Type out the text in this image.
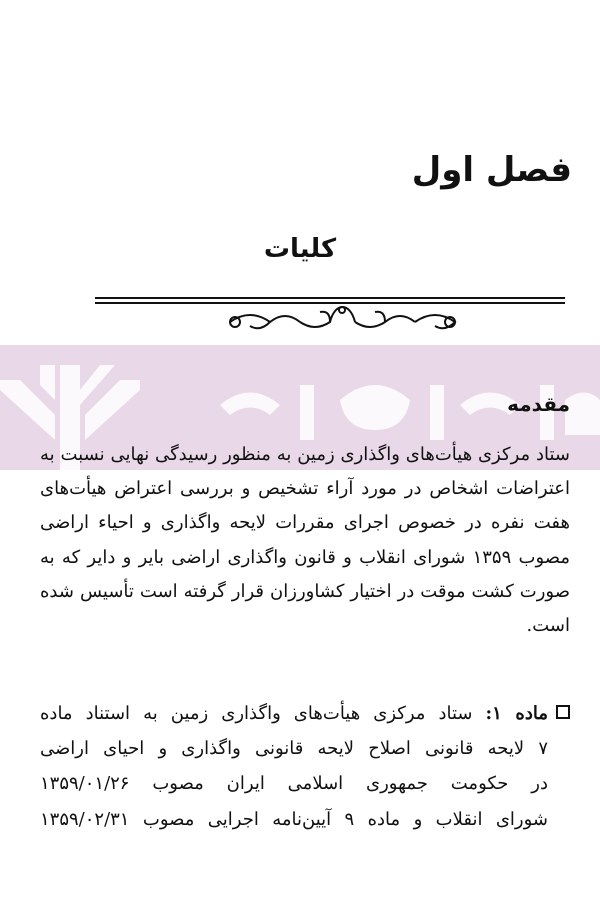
فصل اول
کلیات
مقدمه

ستاد مرکزی هیأت‌های واگذاری زمین به منظور رسیدگی نهایی نسبت به اعتراضات اشخاص در مورد آراء تشخیص و بررسی اعتراض هیأت‌های هفت نفره در خصوص اجرای مقررات لایحه واگذاری و احیاء اراضی مصوب ۱۳۵۹ شورای انقلاب و قانون واگذاری اراضی بایر و دایر که به صورت کشت موقت در اختیار کشاورزان قرار گرفته است تأسیس شده است.

ماده ۱: ستاد مرکزی هیأت‌های واگذاری زمین به استناد ماده
۷ لایحه قانونی اصلاح لایحه قانونی واگذاری و احیای اراضی
در حکومت جمهوری اسلامی ایران مصوب ۱۳۵۹/۰۱/۲۶
شورای انقلاب و ماده ۹ آیین‌نامه اجرایی مصوب ۱۳۵۹/۰۲/۳۱
